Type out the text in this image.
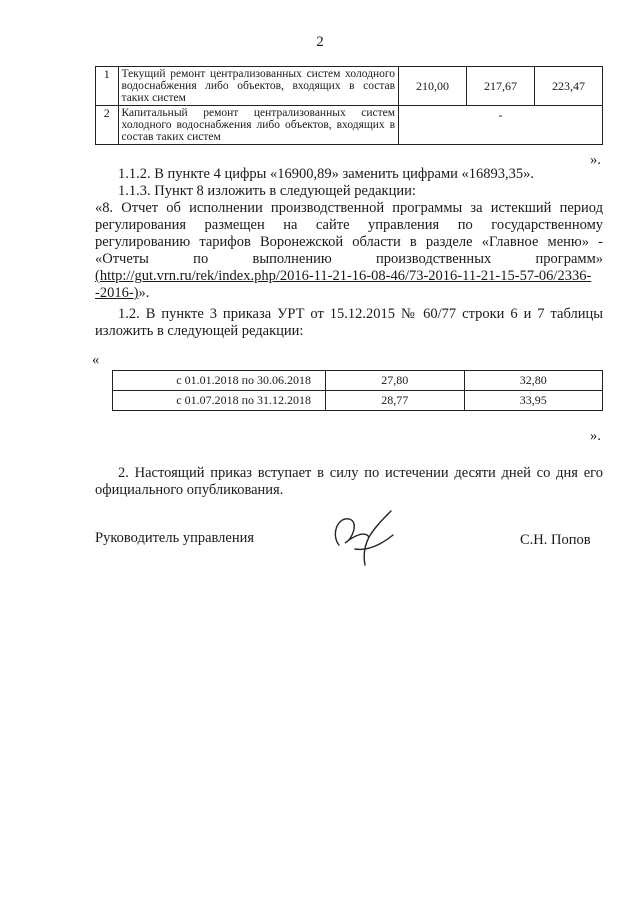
2
1	Текущий ремонт централизованных систем холодного водоснабжения либо объектов, входящих в состав таких систем	210,00	217,67	223,47
2	Капитальный ремонт централизованных систем холодного водоснабжения либо объектов, входящих в состав таких систем	-		
».
1.1.2. В пункте 4 цифры «16900,89» заменить цифрами «16893,35».
1.1.3. Пункт 8 изложить в следующей редакции:
«8. Отчет об исполнении производственной программы за истекший период
регулирования размещен на сайте управления по государственному
регулированию тарифов Воронежской области в разделе «Главное меню» -
«Отчеты по выполнению производственных программ»
(http://gut.vrn.ru/rek/index.php/2016-11-21-16-08-46/73-2016-11-21-15-57-06/2336-
-2016-)».
1.2. В пункте 3 приказа УРТ от 15.12.2015 № 60/77 строки 6 и 7 таблицы
изложить в следующей редакции:
«
с 01.01.2018 по 30.06.2018	27,80	32,80
с 01.07.2018 по 31.12.2018	28,77	33,95
».
2. Настоящий приказ вступает в силу по истечении десяти дней со дня его
официального опубликования.
Руководитель управления	С.Н. Попов
